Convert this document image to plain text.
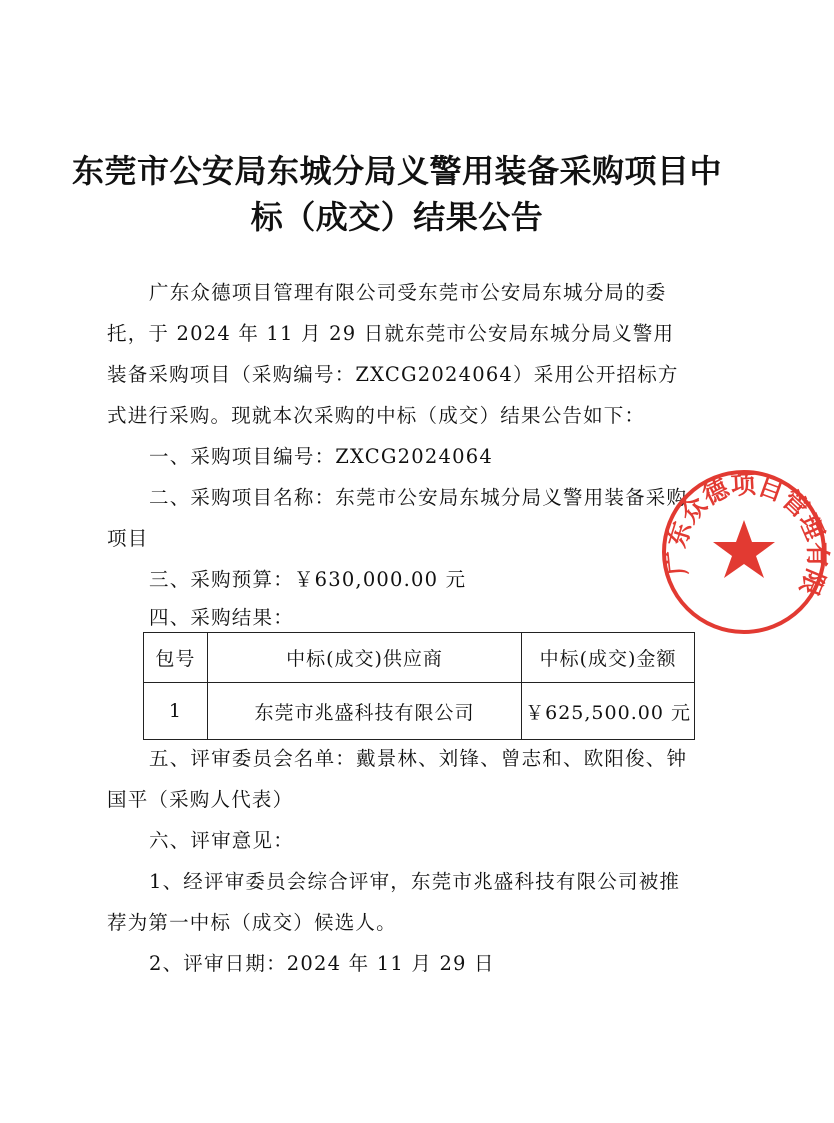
东莞市公安局东城分局义警用装备采购项目中
标（成交）结果公告

广东众德项目管理有限公司受东莞市公安局东城分局的委托，于 2024 年 11 月 29 日就东莞市公安局东城分局义警用装备采购项目（采购编号：ZXCG2024064）采用公开招标方式进行采购。现就本次采购的中标（成交）结果公告如下：

一、采购项目编号：ZXCG2024064

二、采购项目名称：东莞市公安局东城分局义警用装备采购项目

三、采购预算：￥630,000.00 元

四、采购结果：

包号	中标(成交)供应商	中标(成交)金额
1	东莞市兆盛科技有限公司	￥625,500.00 元

五、评审委员会名单：戴景林、刘锋、曾志和、欧阳俊、钟国平（采购人代表）

六、评审意见：

1、经评审委员会综合评审，东莞市兆盛科技有限公司被推荐为第一中标（成交）候选人。

2、评审日期：2024 年 11 月 29 日

广东众德项目管理有限公司
